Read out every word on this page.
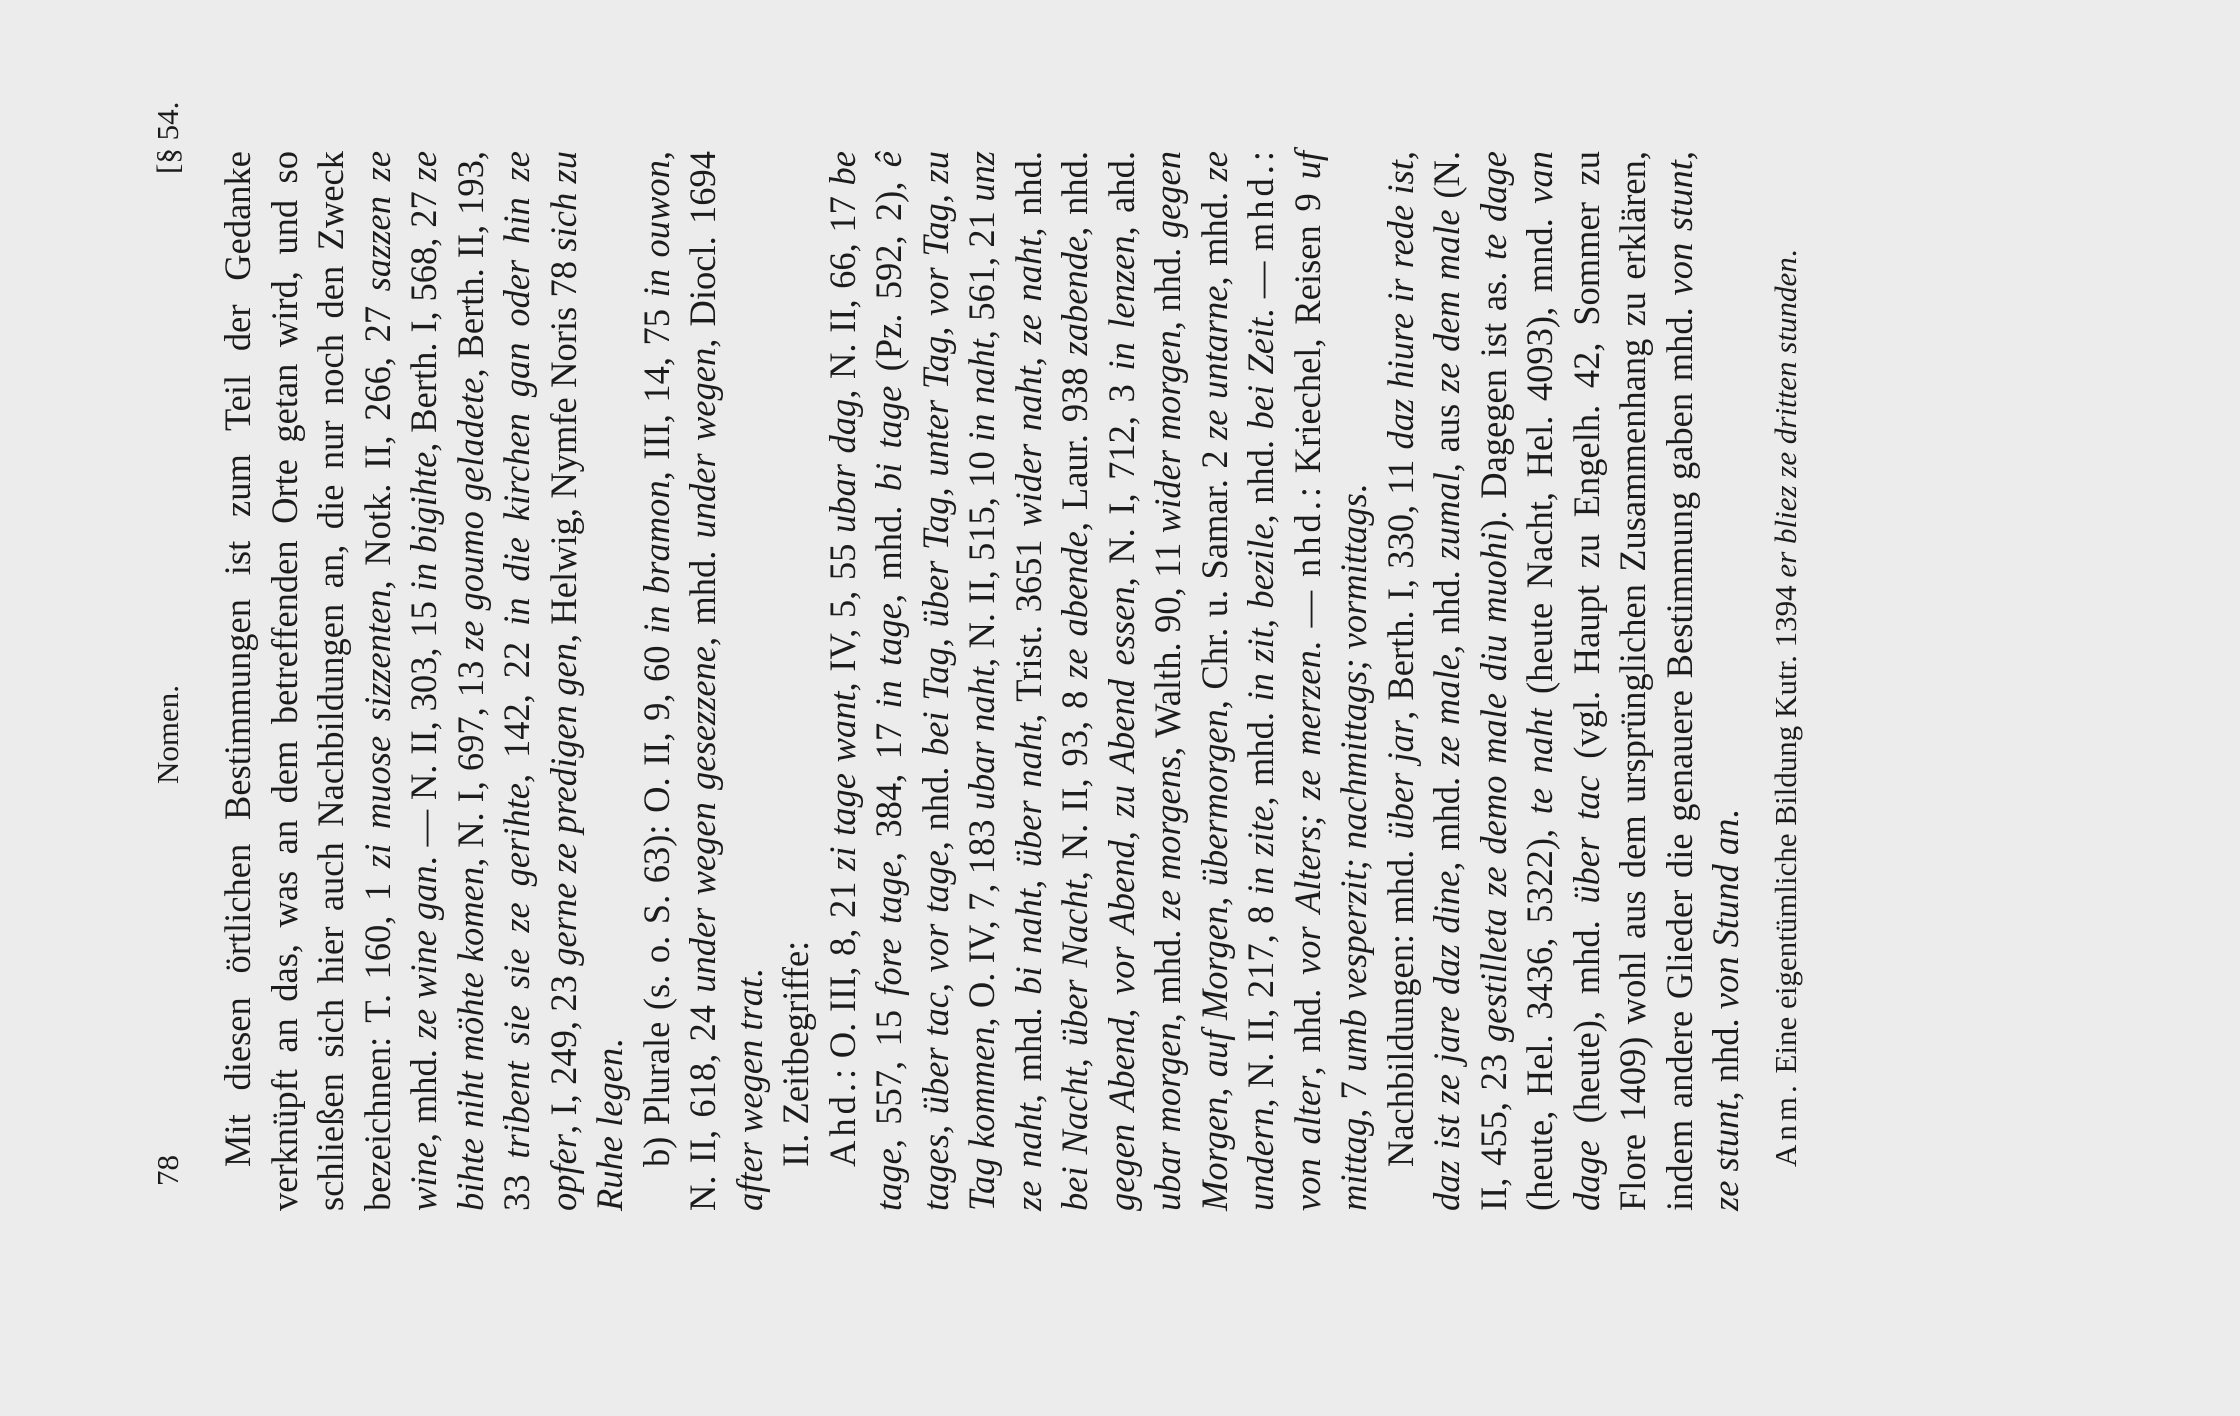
78
Nomen.
[§ 54.

Mit diesen örtlichen Bestimmungen ist zum Teil der Gedanke verknüpft an das, was an dem betreffenden Orte getan wird, und so schließen sich hier auch Nachbildungen an, die nur noch den Zweck bezeichnen: T. 160, 1 zi muose sizzenten, Notk. II, 266, 27 sazzen ze wine, mhd. ze wine gan. — N. II, 303, 15 in bigihte, Berth. I, 568, 27 ze bihte niht möhte komen, N. I, 697, 13 ze goumo geladete, Berth. II, 193, 33 tribent sie sie ze gerihte, 142, 22 in die kirchen gan oder hin ze opfer, I, 249, 23 gerne ze predigen gen, Helwig, Nymfe Noris 78 sich zu Ruhe legen. b) Plurale (s. o. S. 63): O. II, 9, 60 in bramon, III, 14, 75 in ouwon, N. II, 618, 24 under wegen gesezzene, mhd. under wegen, Diocl. 1694 after wegen trat. II. Zeitbegriffe: Ahd.: O. III, 8, 21 zi tage want, IV, 5, 55 ubar dag, N. II, 66, 17 be tage, 557, 15 fore tage, 384, 17 in tage, mhd. bi tage (Pz. 592, 2), ê tages, über tac, vor tage, nhd. bei Tag, über Tag, unter Tag, vor Tag, zu Tag kommen, O. IV, 7, 183 ubar naht, N. II, 515, 10 in naht, 561, 21 unz ze naht, mhd. bi naht, über naht, Trist. 3651 wider naht, ze naht, nhd. bei Nacht, über Nacht, N. II, 93, 8 ze abende, Laur. 938 zabende, nhd. gegen Abend, vor Abend, zu Abend essen, N. I, 712, 3 in lenzen, ahd. ubar morgen, mhd. ze morgens, Walth. 90, 11 wider morgen, nhd. gegen Morgen, auf Morgen, übermorgen, Chr. u. Samar. 2 ze untarne, mhd. ze undern, N. II, 217, 8 in zite, mhd. in zit, bezile, nhd. bei Zeit. — mhd.: von alter, nhd. vor Alters; ze merzen. — nhd.: Kriechel, Reisen 9 uf mittag, 7 umb vesperzit; nachmittags; vormittags.

Nachbildungen: mhd. über jar, Berth. I, 330, 11 daz hiure ir rede ist, daz ist ze jare daz dine, mhd. ze male, nhd. zumal, aus ze dem male (N. II, 455, 23 gestilleta ze demo male diu muohi). Dagegen ist as. te dage (heute, Hel. 3436, 5322), te naht (heute Nacht, Hel. 4093), mnd. van dage (heute), mhd. über tac (vgl. Haupt zu Engelh. 42, Sommer zu Flore 1409) wohl aus dem ursprünglichen Zusammenhang zu erklären, indem andere Glieder die genauere Bestimmung gaben mhd. von stunt, ze stunt, nhd. von Stund an.

Anm. Eine eigentümliche Bildung Kutr. 1394 er bliez ze dritten stunden.
